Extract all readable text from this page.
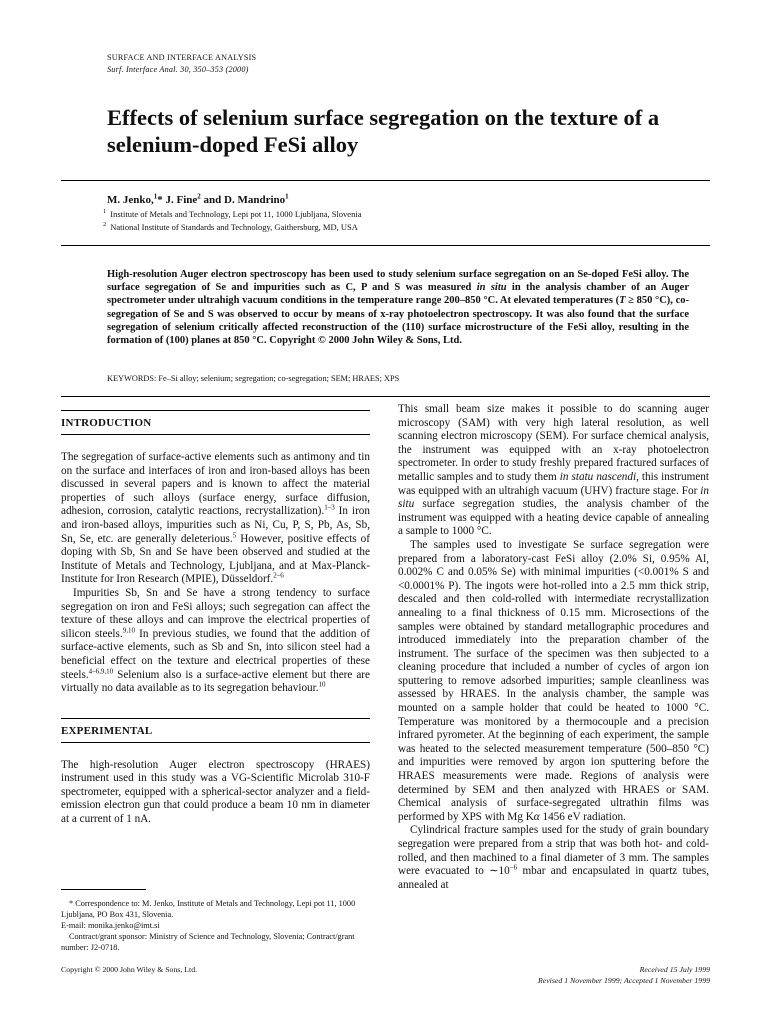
SURFACE AND INTERFACE ANALYSIS
Surf. Interface Anal. 30, 350–353 (2000)
Effects of selenium surface segregation on the texture of a selenium-doped FeSi alloy
M. Jenko,$^1$* J. Fine$^2$ and D. Mandrino$^1$
$^1$ Institute of Metals and Technology, Lepi pot 11, 1000 Ljubljana, Slovenia
$^2$ National Institute of Standards and Technology, Gaithersburg, MD, USA

High-resolution Auger electron spectroscopy has been used to study selenium surface segregation on an Se-doped FeSi alloy. The surface segregation of Se and impurities such as C, P and S was measured in situ in the analysis chamber of an Auger spectrometer under ultrahigh vacuum conditions in the temperature range 200–850 °C. At elevated temperatures (T ≥ 850 °C), co-segregation of Se and S was observed to occur by means of x-ray photoelectron spectroscopy. It was also found that the surface segregation of selenium critically affected reconstruction of the (110) surface microstructure of the FeSi alloy, resulting in the formation of (100) planes at 850 °C. Copyright © 2000 John Wiley & Sons, Ltd.

KEYWORDS: Fe–Si alloy; selenium; segregation; co-segregation; SEM; HRAES; XPS
INTRODUCTION

The segregation of surface-active elements such as antimony and tin on the surface and interfaces of iron and iron-based alloys has been discussed in several papers and is known to affect the material properties of such alloys (surface energy, surface diffusion, adhesion, corrosion, catalytic reactions, recrystallization).$^{1-3}$ In iron and iron-based alloys, impurities such as Ni, Cu, P, S, Pb, As, Sb, Sn, Se, etc. are generally deleterious.$^5$ However, positive effects of doping with Sb, Sn and Se have been observed and studied at the Institute of Metals and Technology, Ljubljana, and at Max-Planck-Institute for Iron Research (MPIE), Düsseldorf.$^{2-6}$

Impurities Sb, Sn and Se have a strong tendency to surface segregation on iron and FeSi alloys; such segregation can affect the texture of these alloys and can improve the electrical properties of silicon steels.$^{9,10}$ In previous studies, we found that the addition of surface-active elements, such as Sb and Sn, into silicon steel had a beneficial effect on the texture and electrical properties of these steels.$^{4-6,9,10}$ Selenium also is a surface-active element but there are virtually no data available as to its segregation behaviour.$^{10}$

EXPERIMENTAL

The high-resolution Auger electron spectroscopy (HRAES) instrument used in this study was a VG-Scientific Microlab 310-F spectrometer, equipped with a spherical-sector analyzer and a field-emission electron gun that could produce a beam 10 nm in diameter at a current of 1 nA.

* Correspondence to: M. Jenko, Institute of Metals and Technology, Lepi pot 11, 1000 Ljubljana, PO Box 431, Slovenia.

E-mail: monika.jenko@imt.si

Contract/grant sponsor: Ministry of Science and Technology, Slovenia; Contract/grant number: J2-0718.

This small beam size makes it possible to do scanning auger microscopy (SAM) with very high lateral resolution, as well scanning electron microscopy (SEM). For surface chemical analysis, the instrument was equipped with an x-ray photoelectron spectrometer. In order to study freshly prepared fractured surfaces of metallic samples and to study them in statu nascendi, this instrument was equipped with an ultrahigh vacuum (UHV) fracture stage. For in situ surface segregation studies, the analysis chamber of the instrument was equipped with a heating device capable of annealing a sample to 1000 °C.

The samples used to investigate Se surface segregation were prepared from a laboratory-cast FeSi alloy (2.0% Si, 0.95% Al, 0.002% C and 0.05% Se) with minimal impurities (<0.001% S and <0.0001% P). The ingots were hot-rolled into a 2.5 mm thick strip, descaled and then cold-rolled with intermediate recrystallization annealing to a final thickness of 0.15 mm. Microsections of the samples were obtained by standard metallographic procedures and introduced immediately into the preparation chamber of the instrument. The surface of the specimen was then subjected to a cleaning procedure that included a number of cycles of argon ion sputtering to remove adsorbed impurities; sample cleanliness was assessed by HRAES. In the analysis chamber, the sample was mounted on a sample holder that could be heated to 1000 °C. Temperature was monitored by a thermocouple and a precision infrared pyrometer. At the beginning of each experiment, the sample was heated to the selected measurement temperature (500–850 °C) and impurities were removed by argon ion sputtering before the HRAES measurements were made. Regions of analysis were determined by SEM and then analyzed with HRAES or SAM. Chemical analysis of surface-segregated ultrathin films was performed by XPS with Mg Kα 1456 eV radiation.

Cylindrical fracture samples used for the study of grain boundary segregation were prepared from a strip that was both hot- and cold-rolled, and then machined to a final diameter of 3 mm. The samples were evacuated to $\sim 10^{-6}$ mbar and encapsulated in quartz tubes, annealed at

Copyright © 2000 John Wiley & Sons, Ltd.	Received 15 July 1999
Revised 1 November 1999; Accepted 1 November 1999
